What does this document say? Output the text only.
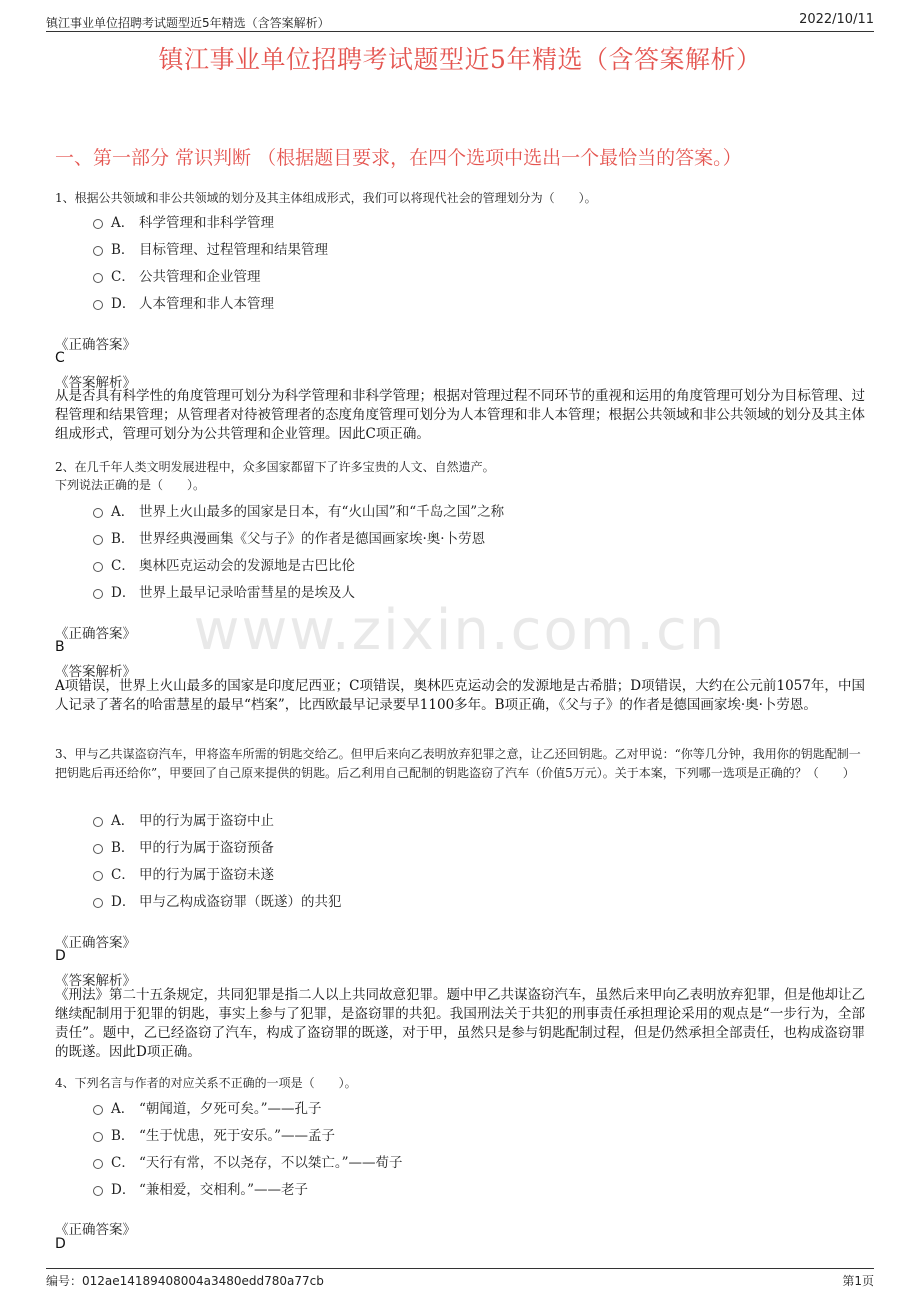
镇江事业单位招聘考试题型近5年精选（含答案解析）	2022/10/11
镇江事业单位招聘考试题型近5年精选（含答案解析）
一、第一部分 常识判断 （根据题目要求，在四个选项中选出一个最恰当的答案。）
www.zixin.com.cn
1、根据公共领域和非公共领域的划分及其主体组成形式，我们可以将现代社会的管理划分为（　　）。
A． 科学管理和非科学管理
B． 目标管理、过程管理和结果管理
C． 公共管理和企业管理
D． 人本管理和非人本管理
《正确答案》
C
《答案解析》
从是否具有科学性的角度管理可划分为科学管理和非科学管理；根据对管理过程不同环节的重视和运用的角度管理可划分为目标管理、过程管理和结果管理；从管理者对待被管理者的态度角度管理可划分为人本管理和非人本管理；根据公共领域和非公共领域的划分及其主体组成形式，管理可划分为公共管理和企业管理。因此C项正确。
2、在几千年人类文明发展进程中，众多国家都留下了许多宝贵的人文、自然遗产。
下列说法正确的是（　　）。
A． 世界上火山最多的国家是日本，有“火山国”和“千岛之国”之称
B． 世界经典漫画集《父与子》的作者是德国画家埃·奥·卜劳恩
C． 奥林匹克运动会的发源地是古巴比伦
D． 世界上最早记录哈雷彗星的是埃及人
《正确答案》
B
《答案解析》
A项错误，世界上火山最多的国家是印度尼西亚；C项错误，奥林匹克运动会的发源地是古希腊；D项错误，大约在公元前1057年，中国人记录了著名的哈雷慧星的最早“档案”，比西欧最早记录要早1100多年。B项正确，《父与子》的作者是德国画家埃·奥·卜劳恩。
3、甲与乙共谋盗窃汽车，甲将盗车所需的钥匙交给乙。但甲后来向乙表明放弃犯罪之意，让乙还回钥匙。乙对甲说：“你等几分钟，我用你的钥匙配制一把钥匙后再还给你”，甲要回了自己原来提供的钥匙。后乙利用自己配制的钥匙盗窃了汽车（价值5万元）。关于本案，下列哪一选项是正确的？（　　）
A． 甲的行为属于盗窃中止
B． 甲的行为属于盗窃预备
C． 甲的行为属于盗窃未遂
D． 甲与乙构成盗窃罪（既遂）的共犯
《正确答案》
D
《答案解析》
《刑法》第二十五条规定，共同犯罪是指二人以上共同故意犯罪。题中甲乙共谋盗窃汽车，虽然后来甲向乙表明放弃犯罪，但是他却让乙继续配制用于犯罪的钥匙，事实上参与了犯罪，是盗窃罪的共犯。我国刑法关于共犯的刑事责任承担理论采用的观点是“一步行为，全部责任”。题中，乙已经盗窃了汽车，构成了盗窃罪的既遂，对于甲，虽然只是参与钥匙配制过程，但是仍然承担全部责任，也构成盗窃罪的既遂。因此D项正确。
4、下列名言与作者的对应关系不正确的一项是（　　）。
A． “朝闻道，夕死可矣。”——孔子
B． “生于忧患，死于安乐。”——孟子
C． “天行有常，不以尧存，不以桀亡。”——荀子
D． “兼相爱，交相利。”——老子
《正确答案》
D
编号：012ae14189408004a3480edd780a77cb	第1页
